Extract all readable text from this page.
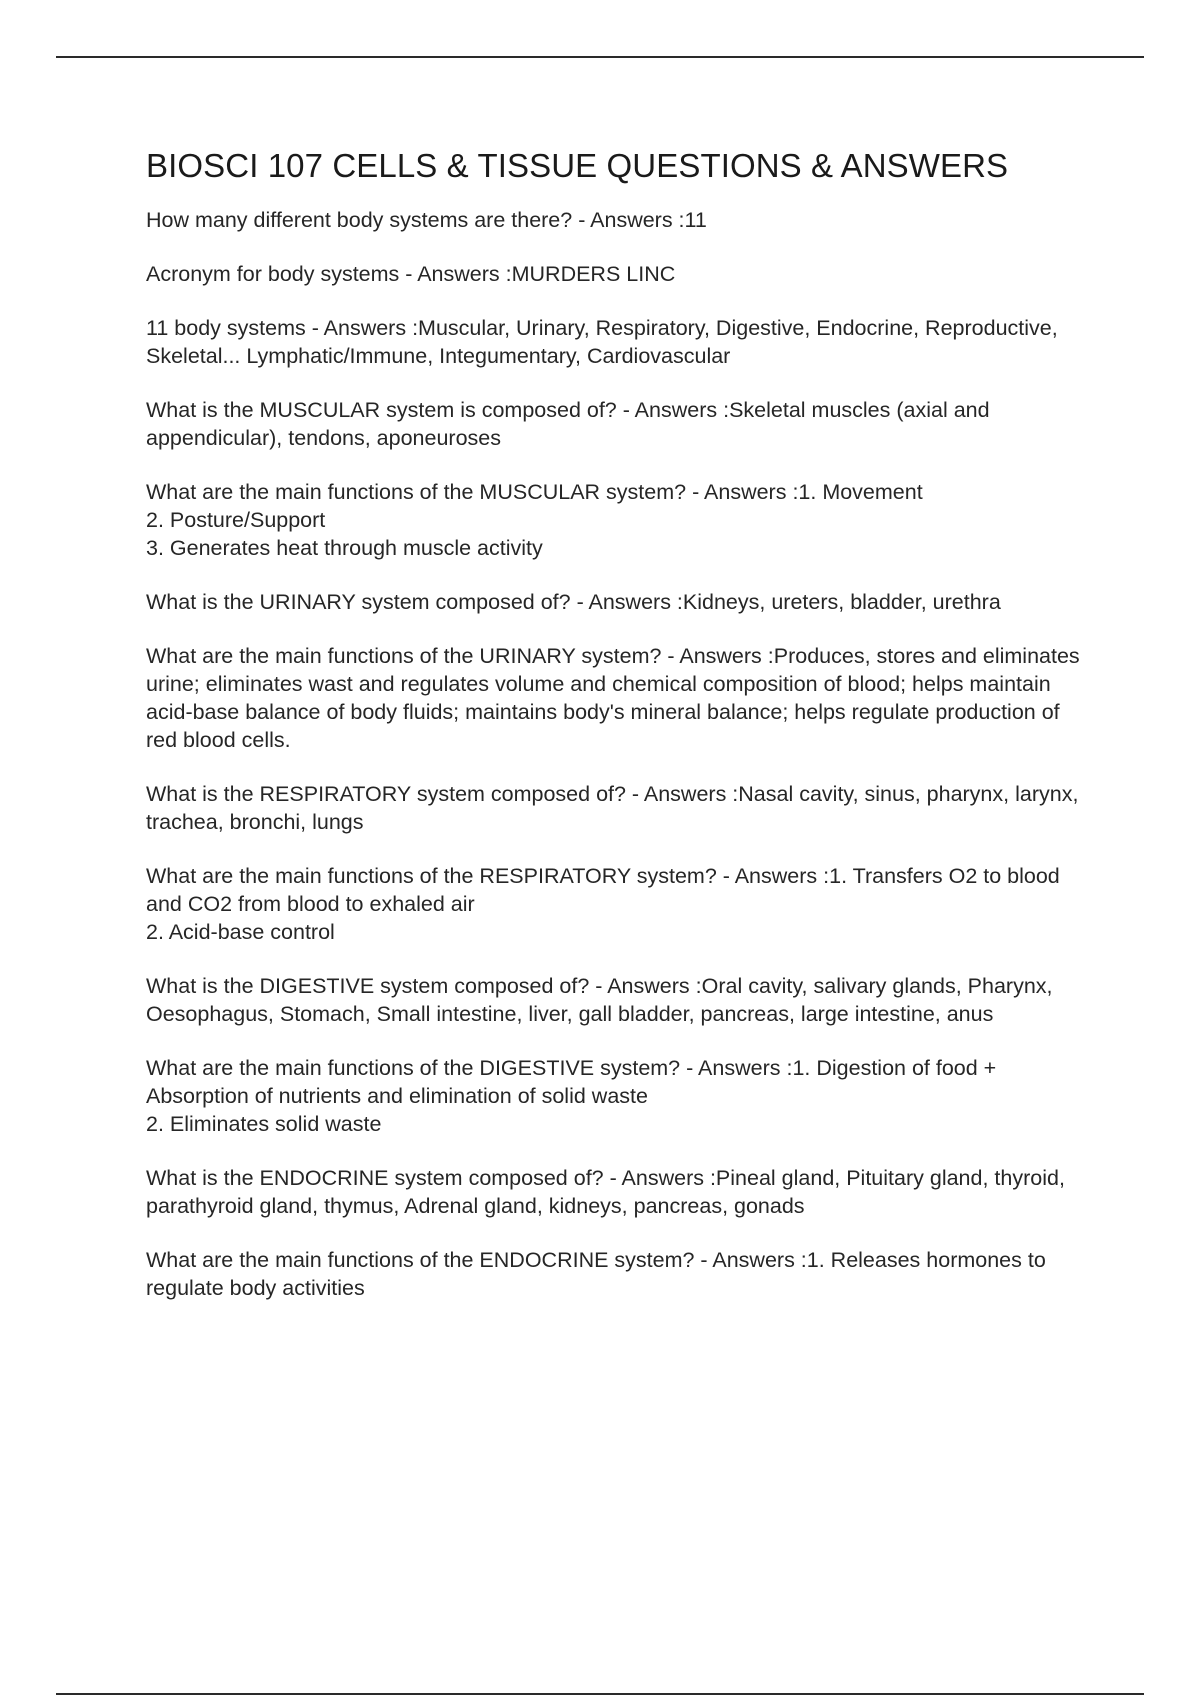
BIOSCI 107 CELLS & TISSUE QUESTIONS & ANSWERS

How many different body systems are there? - Answers :11

Acronym for body systems - Answers :MURDERS LINC

11 body systems - Answers :Muscular, Urinary, Respiratory, Digestive, Endocrine, Reproductive, Skeletal... Lymphatic/Immune, Integumentary, Cardiovascular

What is the MUSCULAR system is composed of? - Answers :Skeletal muscles (axial and appendicular), tendons, aponeuroses

What are the main functions of the MUSCULAR system? - Answers :1. Movement
2. Posture/Support
3. Generates heat through muscle activity

What is the URINARY system composed of? - Answers :Kidneys, ureters, bladder, urethra

What are the main functions of the URINARY system? - Answers :Produces, stores and eliminates urine; eliminates wast and regulates volume and chemical composition of blood; helps maintain acid-base balance of body fluids; maintains body's mineral balance; helps regulate production of red blood cells.

What is the RESPIRATORY system composed of? - Answers :Nasal cavity, sinus, pharynx, larynx, trachea, bronchi, lungs

What are the main functions of the RESPIRATORY system? - Answers :1. Transfers O2 to blood and CO2 from blood to exhaled air
2. Acid-base control

What is the DIGESTIVE system composed of? - Answers :Oral cavity, salivary glands, Pharynx, Oesophagus, Stomach, Small intestine, liver, gall bladder, pancreas, large intestine, anus

What are the main functions of the DIGESTIVE system? - Answers :1. Digestion of food + Absorption of nutrients and elimination of solid waste
2. Eliminates solid waste

What is the ENDOCRINE system composed of? - Answers :Pineal gland, Pituitary gland, thyroid, parathyroid gland, thymus, Adrenal gland, kidneys, pancreas, gonads

What are the main functions of the ENDOCRINE system? - Answers :1. Releases hormones to regulate body activities
